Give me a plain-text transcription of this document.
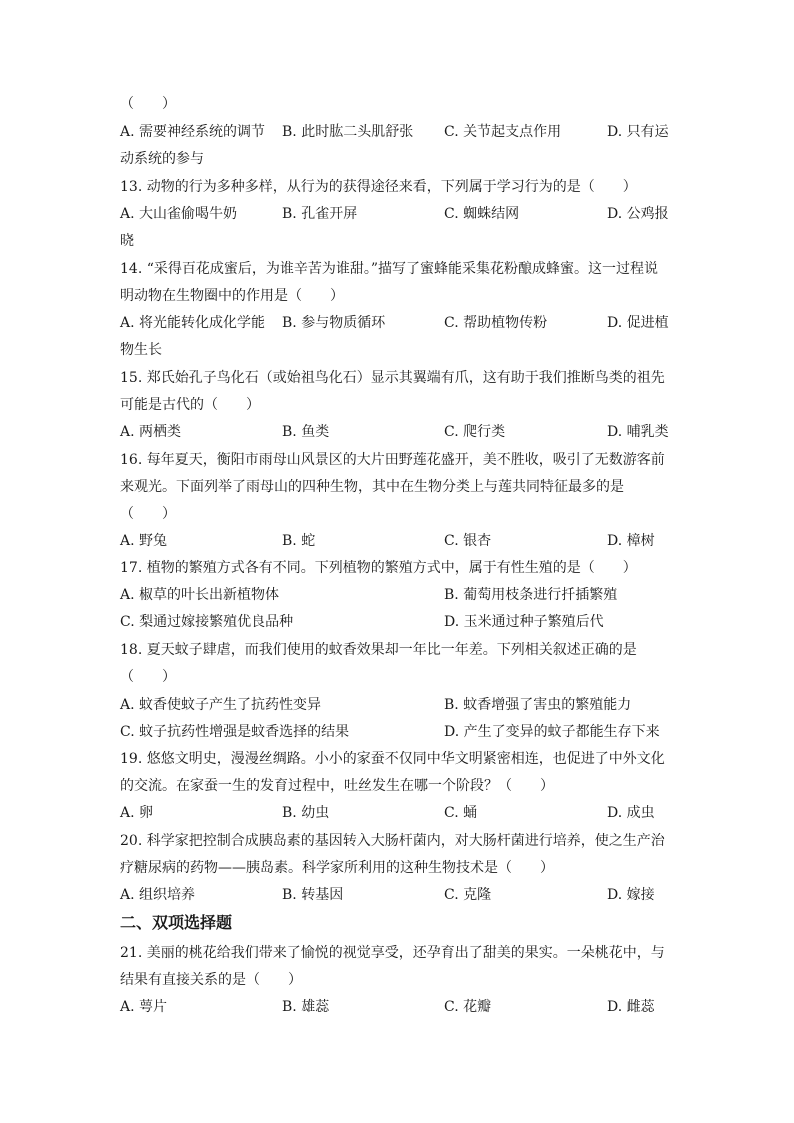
（　　）
A. 需要神经系统的调节 B. 此时肱二头肌舒张 C. 关节起支点作用	D. 只有运
动系统的参与
13. 动物的行为多种多样，从行为的获得途径来看，下列属于学习行为的是（　　）
A. 大山雀偷喝牛奶	B. 孔雀开屏	C. 蜘蛛结网	D. 公鸡报
晓
14. “采得百花成蜜后，为谁辛苦为谁甜。”描写了蜜蜂能采集花粉酿成蜂蜜。这一过程说
明动物在生物圈中的作用是（　　）
A. 将光能转化成化学能 B. 参与物质循环	C. 帮助植物传粉	D. 促进植
物生长
15. 郑氏始孔子鸟化石（或始祖鸟化石）显示其翼端有爪，这有助于我们推断鸟类的祖先
可能是古代的（　　）
A. 两栖类	B. 鱼类	C. 爬行类	D. 哺乳类
16. 每年夏天，衡阳市雨母山风景区的大片田野莲花盛开，美不胜收，吸引了无数游客前
来观光。下面列举了雨母山的四种生物，其中在生物分类上与莲共同特征最多的是
（　　）
A. 野兔	B. 蛇	C. 银杏	D. 樟树
17. 植物的繁殖方式各有不同。下列植物的繁殖方式中，属于有性生殖的是（　　）
A. 椒草的叶长出新植物体	B. 葡萄用枝条进行扦插繁殖
C. 梨通过嫁接繁殖优良品种	D. 玉米通过种子繁殖后代
18. 夏天蚊子肆虐，而我们使用的蚊香效果却一年比一年差。下列相关叙述正确的是
（　　）
A. 蚊香使蚊子产生了抗药性变异	B. 蚊香增强了害虫的繁殖能力
C. 蚊子抗药性增强是蚊香选择的结果	D. 产生了变异的蚊子都能生存下来
19. 悠悠文明史，漫漫丝绸路。小小的家蚕不仅同中华文明紧密相连，也促进了中外文化
的交流。在家蚕一生的发育过程中，吐丝发生在哪一个阶段？（　　）
A. 卵	B. 幼虫	C. 蛹	D. 成虫
20. 科学家把控制合成胰岛素的基因转入大肠杆菌内，对大肠杆菌进行培养，使之生产治
疗糖尿病的药物——胰岛素。科学家所利用的这种生物技术是（　　）
A. 组织培养	B. 转基因	C. 克隆	D. 嫁接
二、双项选择题
21. 美丽的桃花给我们带来了愉悦的视觉享受，还孕育出了甜美的果实。一朵桃花中，与
结果有直接关系的是（　　）
A. 萼片	B. 雄蕊	C. 花瓣	D. 雌蕊
